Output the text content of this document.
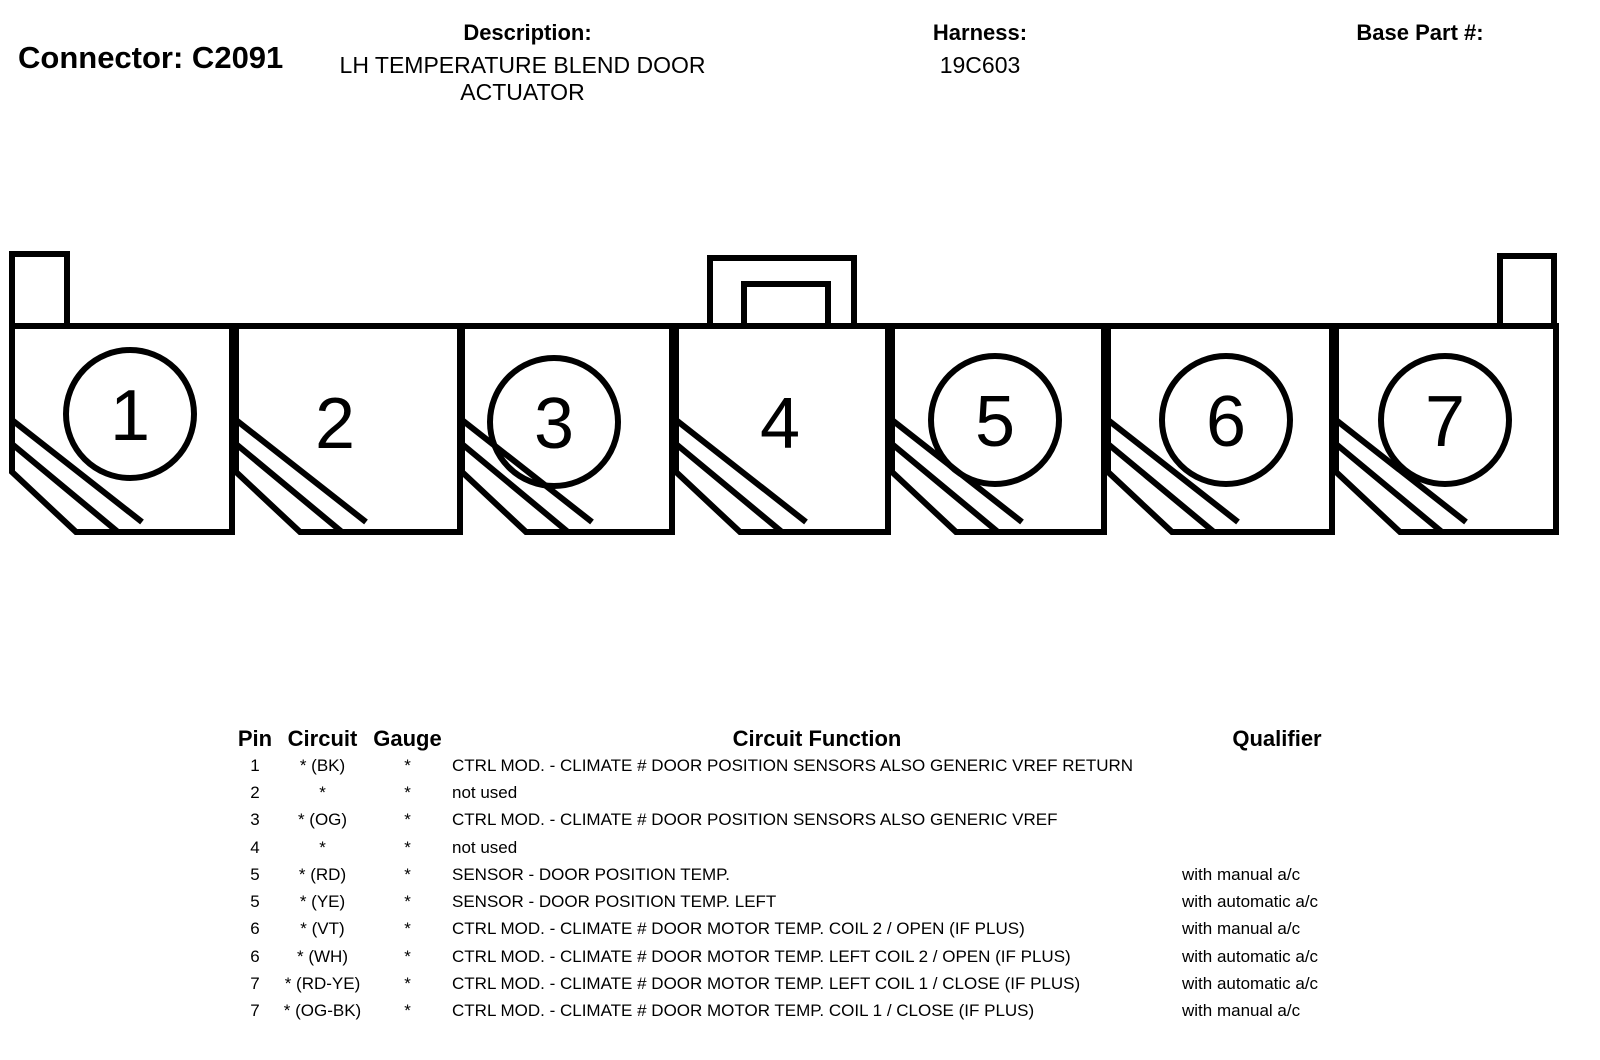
Connector: C2091
Description:
LH TEMPERATURE BLEND DOOR
ACTUATOR
Harness:
19C603
Base Part #:
1 2 3	4 5	6 7
Pin	Circuit	Gauge	Circuit Function	Qualifier
1	* (BK)	*	CTRL MOD. - CLIMATE # DOOR POSITION SENSORS ALSO GENERIC VREF RETURN	
2	*	*	not used	
3	* (OG)	*	CTRL MOD. - CLIMATE # DOOR POSITION SENSORS ALSO GENERIC VREF	
4	*	*	not used	
5	* (RD)	*	SENSOR - DOOR POSITION TEMP.	with manual a/c
5	* (YE)	*	SENSOR - DOOR POSITION TEMP. LEFT	with automatic a/c
6	* (VT)	*	CTRL MOD. - CLIMATE # DOOR MOTOR TEMP. COIL 2 / OPEN (IF PLUS)	with manual a/c
6	* (WH)	*	CTRL MOD. - CLIMATE # DOOR MOTOR TEMP. LEFT COIL 2 / OPEN (IF PLUS)	with automatic a/c
7	* (RD-YE)	*	CTRL MOD. - CLIMATE # DOOR MOTOR TEMP. LEFT COIL 1 / CLOSE (IF PLUS)	with automatic a/c
7	* (OG-BK)	*	CTRL MOD. - CLIMATE # DOOR MOTOR TEMP. COIL 1 / CLOSE (IF PLUS)	with manual a/c
